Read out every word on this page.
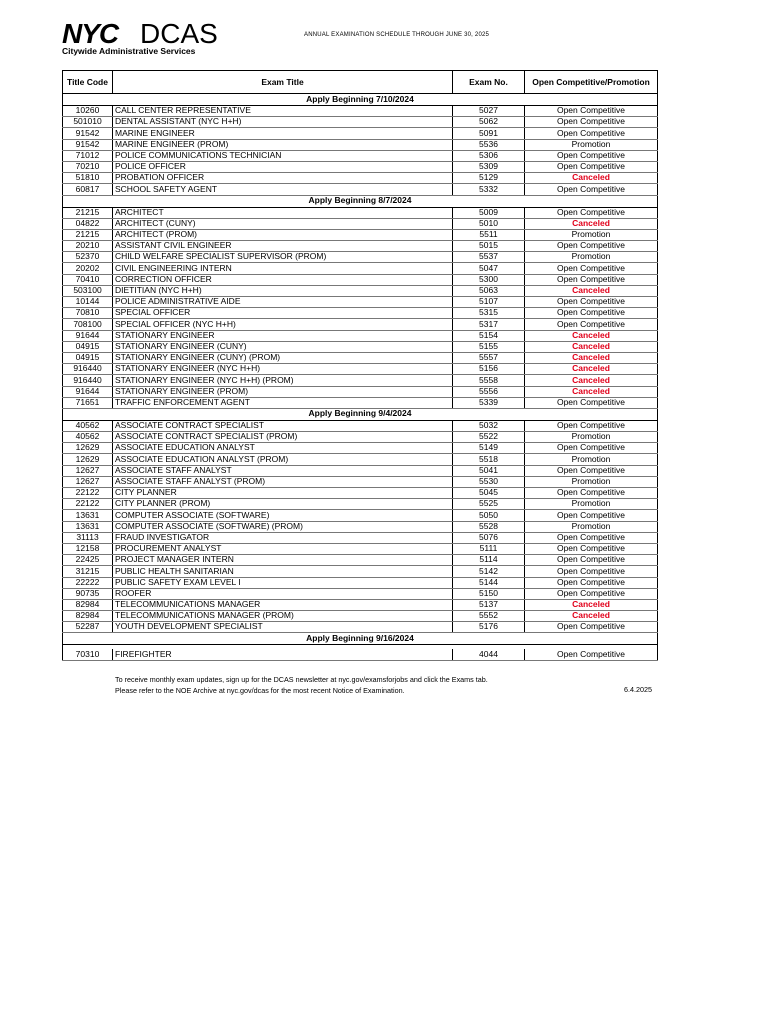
NYC DCAS
Citywide Administrative Services
ANNUAL EXAMINATION SCHEDULE THROUGH JUNE 30, 2025
Title Code	Exam Title	Exam No.	Open Competitive/Promotion
Apply Beginning 7/10/2024			
10260	CALL CENTER REPRESENTATIVE	5027	Open Competitive
501010	DENTAL ASSISTANT (NYC H+H)	5062	Open Competitive
91542	MARINE ENGINEER	5091	Open Competitive
91542	MARINE ENGINEER (PROM)	5536	Promotion
71012	POLICE COMMUNICATIONS TECHNICIAN	5306	Open Competitive
70210	POLICE OFFICER	5309	Open Competitive
51810	PROBATION OFFICER	5129	Canceled
60817	SCHOOL SAFETY AGENT	5332	Open Competitive
Apply Beginning 8/7/2024			
21215	ARCHITECT	5009	Open Competitive
04822	ARCHITECT (CUNY)	5010	Canceled
21215	ARCHITECT (PROM)	5511	Promotion
20210	ASSISTANT CIVIL ENGINEER	5015	Open Competitive
52370	CHILD WELFARE SPECIALIST SUPERVISOR (PROM)	5537	Promotion
20202	CIVIL ENGINEERING INTERN	5047	Open Competitive
70410	CORRECTION OFFICER	5300	Open Competitive
503100	DIETITIAN (NYC H+H)	5063	Canceled
10144	POLICE ADMINISTRATIVE AIDE	5107	Open Competitive
70810	SPECIAL OFFICER	5315	Open Competitive
708100	SPECIAL OFFICER (NYC H+H)	5317	Open Competitive
91644	STATIONARY ENGINEER	5154	Canceled
04915	STATIONARY ENGINEER (CUNY)	5155	Canceled
04915	STATIONARY ENGINEER (CUNY) (PROM)	5557	Canceled
916440	STATIONARY ENGINEER (NYC H+H)	5156	Canceled
916440	STATIONARY ENGINEER (NYC H+H) (PROM)	5558	Canceled
91644	STATIONARY ENGINEER (PROM)	5556	Canceled
71651	TRAFFIC ENFORCEMENT AGENT	5339	Open Competitive
Apply Beginning 9/4/2024			
40562	ASSOCIATE CONTRACT SPECIALIST	5032	Open Competitive
40562	ASSOCIATE CONTRACT SPECIALIST (PROM)	5522	Promotion
12629	ASSOCIATE EDUCATION ANALYST	5149	Open Competitive
12629	ASSOCIATE EDUCATION ANALYST (PROM)	5518	Promotion
12627	ASSOCIATE STAFF ANALYST	5041	Open Competitive
12627	ASSOCIATE STAFF ANALYST (PROM)	5530	Promotion
22122	CITY PLANNER	5045	Open Competitive
22122	CITY PLANNER (PROM)	5525	Promotion
13631	COMPUTER ASSOCIATE (SOFTWARE)	5050	Open Competitive
13631	COMPUTER ASSOCIATE (SOFTWARE) (PROM)	5528	Promotion
31113	FRAUD INVESTIGATOR	5076	Open Competitive
12158	PROCUREMENT ANALYST	5111	Open Competitive
22425	PROJECT MANAGER INTERN	5114	Open Competitive
31215	PUBLIC HEALTH SANITARIAN	5142	Open Competitive
22222	PUBLIC SAFETY EXAM LEVEL I	5144	Open Competitive
90735	ROOFER	5150	Open Competitive
82984	TELECOMMUNICATIONS MANAGER	5137	Canceled
82984	TELECOMMUNICATIONS MANAGER (PROM)	5552	Canceled
52287	YOUTH DEVELOPMENT SPECIALIST	5176	Open Competitive
Apply Beginning 9/16/2024			

70310	FIREFIGHTER	4044	Open Competitive
To receive monthly exam updates, sign up for the DCAS newsletter at nyc.gov/examsforjobs and click the Exams tab.
Please refer to the NOE Archive at nyc.gov/dcas for the most recent Notice of Examination.	6.4.2025
